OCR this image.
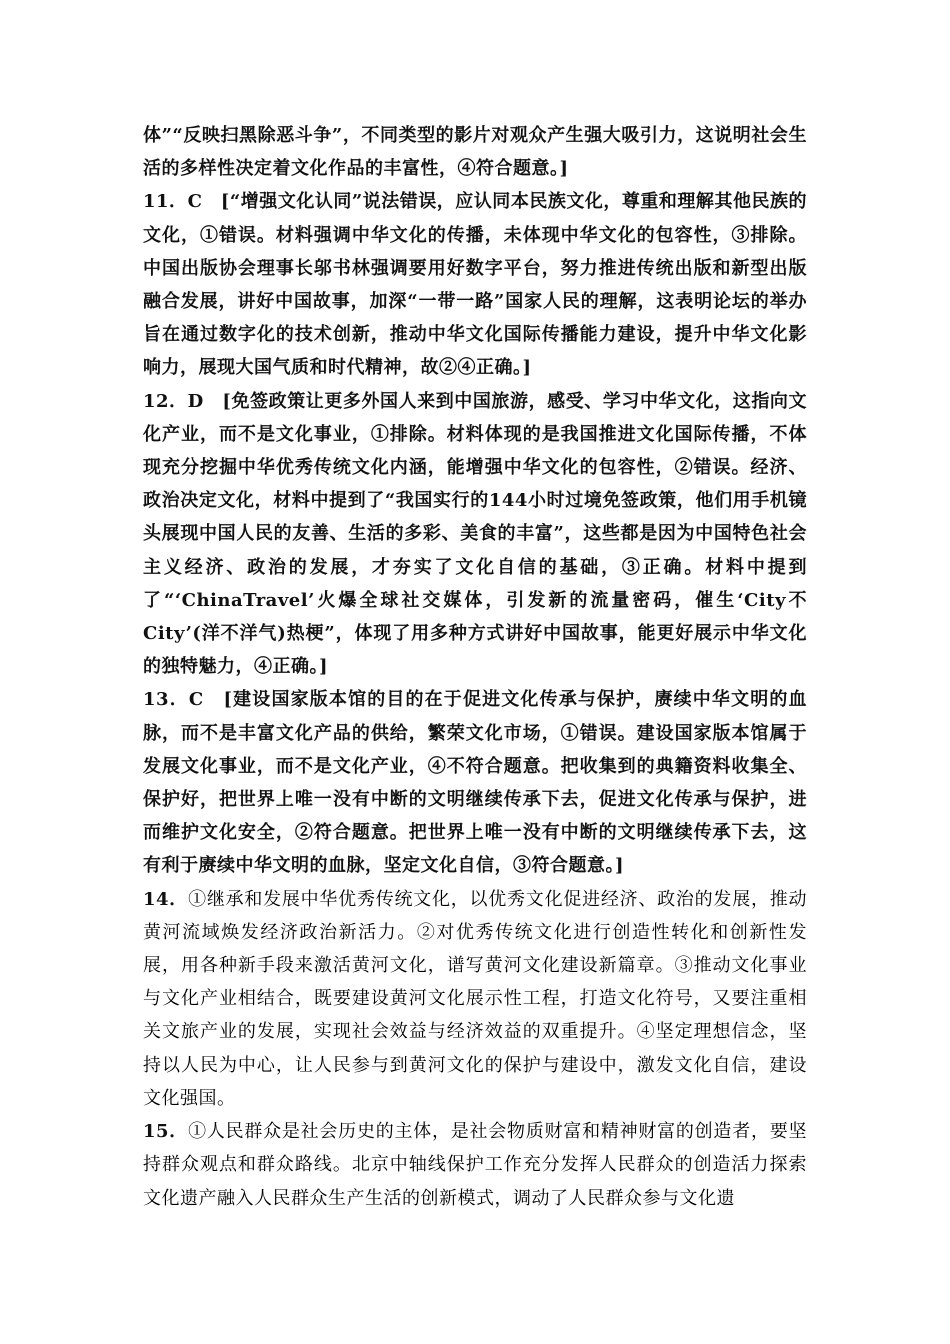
体”“反映扫黑除恶斗争”，不同类型的影片对观众产生强大吸引力，这说明社会生活的多样性决定着文化作品的丰富性，④符合题意。]

11．C　[“增强文化认同”说法错误，应认同本民族文化，尊重和理解其他民族的文化，①错误。材料强调中华文化的传播，未体现中华文化的包容性，③排除。中国出版协会理事长邬书林强调要用好数字平台，努力推进传统出版和新型出版融合发展，讲好中国故事，加深“一带一路”国家人民的理解，这表明论坛的举办旨在通过数字化的技术创新，推动中华文化国际传播能力建设，提升中华文化影响力，展现大国气质和时代精神，故②④正确。]

12．D　[免签政策让更多外国人来到中国旅游，感受、学习中华文化，这指向文化产业，而不是文化事业，①排除。材料体现的是我国推进文化国际传播，不体现充分挖掘中华优秀传统文化内涵，能增强中华文化的包容性，②错误。经济、政治决定文化，材料中提到了“我国实行的144小时过境免签政策，他们用手机镜头展现中国人民的友善、生活的多彩、美食的丰富”，这些都是因为中国特色社会主义经济、政治的发展，才夯实了文化自信的基础，③正确。材料中提到了“‘ChinaTravel’火爆全球社交媒体，引发新的流量密码，催生‘City不City’(洋不洋气)热梗”，体现了用多种方式讲好中国故事，能更好展示中华文化的独特魅力，④正确。]

13．C　[建设国家版本馆的目的在于促进文化传承与保护，赓续中华文明的血脉，而不是丰富文化产品的供给，繁荣文化市场，①错误。建设国家版本馆属于发展文化事业，而不是文化产业，④不符合题意。把收集到的典籍资料收集全、保护好，把世界上唯一没有中断的文明继续传承下去，促进文化传承与保护，进而维护文化安全，②符合题意。把世界上唯一没有中断的文明继续传承下去，这有利于赓续中华文明的血脉，坚定文化自信，③符合题意。]

14．①继承和发展中华优秀传统文化，以优秀文化促进经济、政治的发展，推动黄河流域焕发经济政治新活力。②对优秀传统文化进行创造性转化和创新性发展，用各种新手段来激活黄河文化，谱写黄河文化建设新篇章。③推动文化事业与文化产业相结合，既要建设黄河文化展示性工程，打造文化符号，又要注重相关文旅产业的发展，实现社会效益与经济效益的双重提升。④坚定理想信念，坚持以人民为中心，让人民参与到黄河文化的保护与建设中，激发文化自信，建设文化强国。

15．①人民群众是社会历史的主体，是社会物质财富和精神财富的创造者，要坚持群众观点和群众路线。北京中轴线保护工作充分发挥人民群众的创造活力探索文化遗产融入人民群众生产生活的创新模式，调动了人民群众参与文化遗
